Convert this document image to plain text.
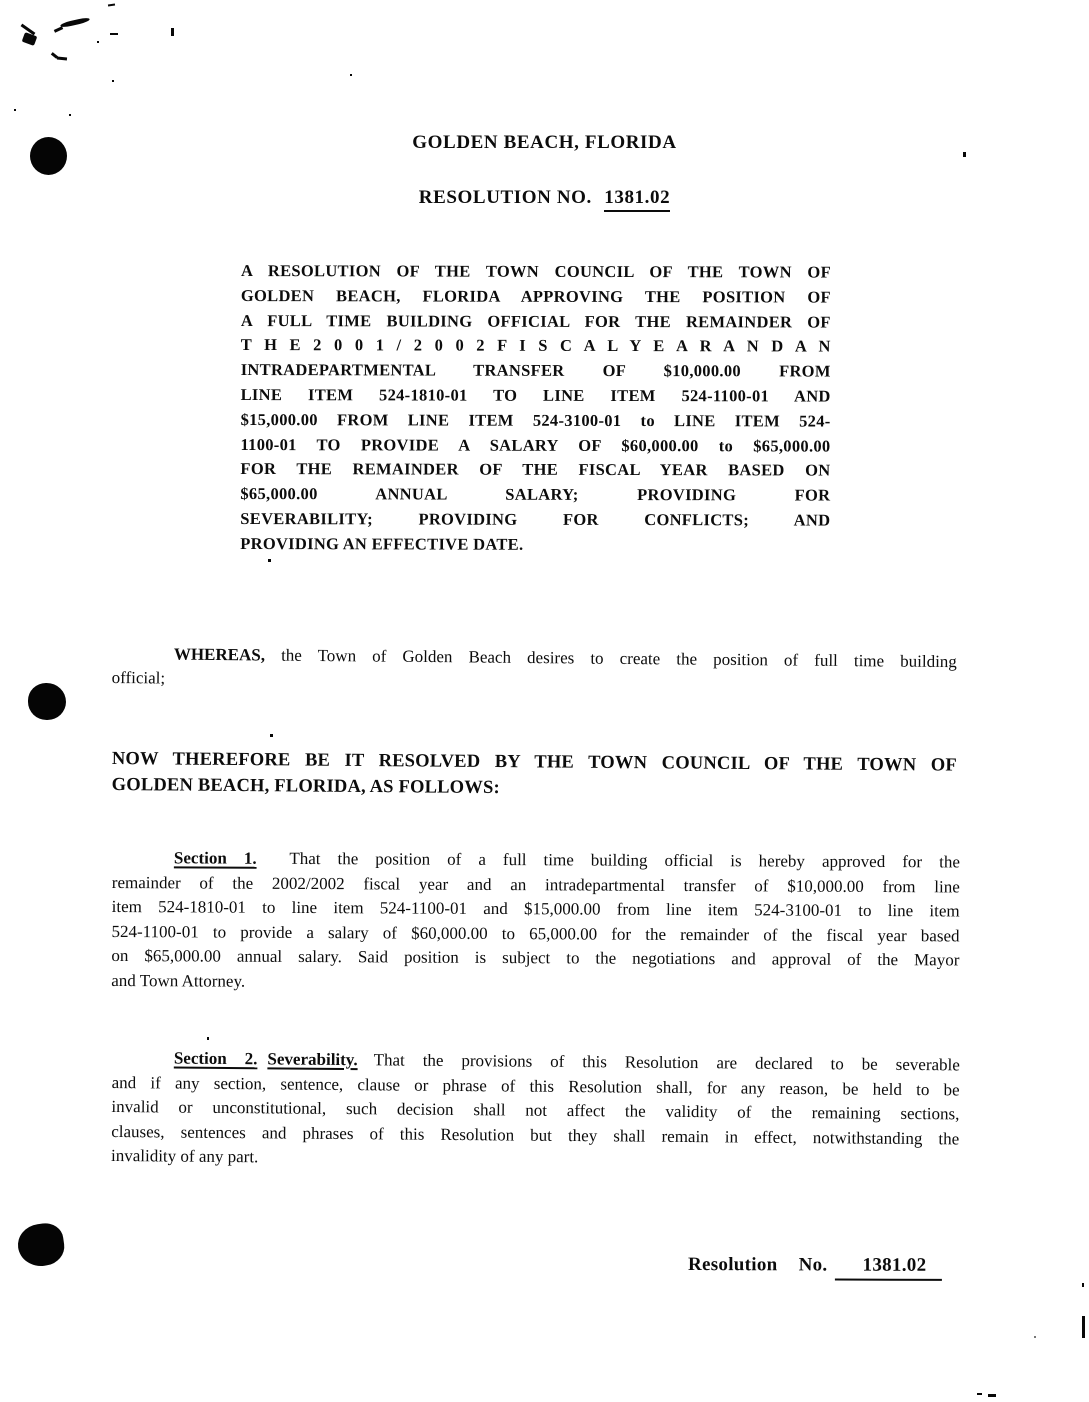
GOLDEN BEACH, FLORIDA
RESOLUTION NO. 1381.02
A RESOLUTION OF THE TOWN COUNCIL OF THE TOWN OF
GOLDEN BEACH, FLORIDA APPROVING THE POSITION OF
A FULL TIME BUILDING OFFICIAL FOR THE REMAINDER OF
T H E 2 0 0 1 / 2 0 0 2 F I S C A L Y E A R A N D A N
INTRADEPARTMENTAL TRANSFER OF $10,000.00 FROM
LINE ITEM 524-1810-01 TO LINE ITEM 524-1100-01 AND
$15,000.00 FROM LINE ITEM 524-3100-01 to LINE ITEM 524-
1100-01 TO PROVIDE A SALARY OF $60,000.00 to $65,000.00
FOR THE REMAINDER OF THE FISCAL YEAR BASED ON
$65,000.00 ANNUAL SALARY; PROVIDING FOR
SEVERABILITY; PROVIDING FOR CONFLICTS; AND
PROVIDING AN EFFECTIVE DATE.
WHEREAS, the Town of Golden Beach desires to create the position of full time building
official;
NOW THEREFORE BE IT RESOLVED BY THE TOWN COUNCIL OF THE TOWN OF
GOLDEN BEACH, FLORIDA, AS FOLLOWS:
Section 1. That the position of a full time building official is hereby approved for the
remainder of the 2002/2002 fiscal year and an intradepartmental transfer of $10,000.00 from line
item 524-1810-01 to line item 524-1100-01 and $15,000.00 from line item 524-3100-01 to line item
524-1100-01 to provide a salary of $60,000.00 to 65,000.00 for the remainder of the fiscal year based
on $65,000.00 annual salary. Said position is subject to the negotiations and approval of the Mayor
and Town Attorney.
Section 2. Severability. That the provisions of this Resolution are declared to be severable
and if any section, sentence, clause or phrase of this Resolution shall, for any reason, be held to be
invalid or unconstitutional, such decision shall not affect the validity of the remaining sections,
clauses, sentences and phrases of this Resolution but they shall remain in effect, notwithstanding the
invalidity of any part.
Resolution No. 1381.02
